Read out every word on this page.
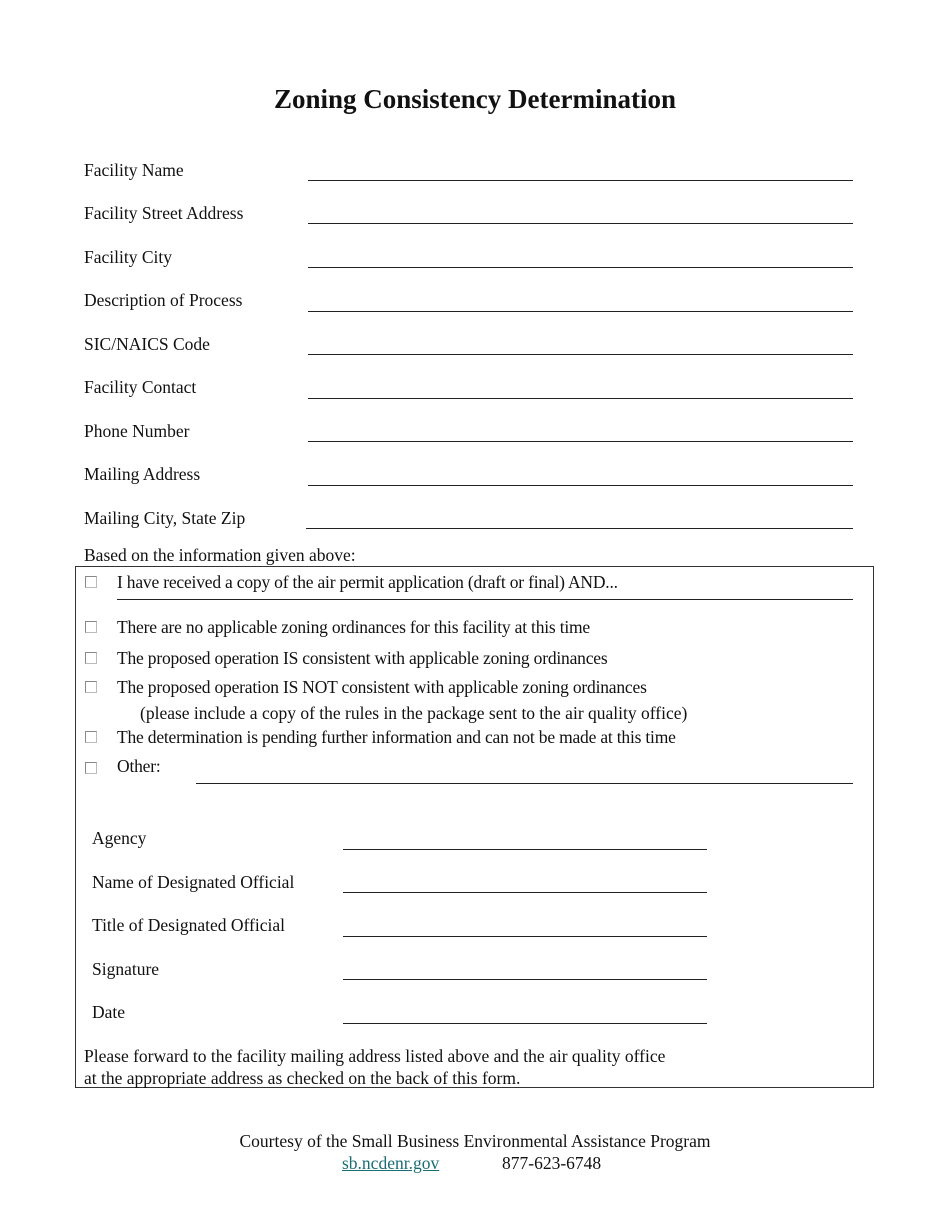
Zoning Consistency Determination
Facility Name
Facility Street Address
Facility City
Description of Process
SIC/NAICS Code
Facility Contact
Phone Number
Mailing Address
Mailing City, State Zip
Based on the information given above:
I have received a copy of the air permit application (draft or final) AND...
There are no applicable zoning ordinances for this facility at this time
The proposed operation IS consistent with applicable zoning ordinances
The proposed operation IS NOT consistent with applicable zoning ordinances
(please include a copy of the rules in the package sent to the air quality office)
The determination is pending further information and can not be made at this time
Other:
Agency
Name of Designated Official
Title of Designated Official
Signature
Date
Please forward to the facility mailing address listed above and the air quality office
at the appropriate address as checked on the back of this form.
Courtesy of the Small Business Environmental Assistance Program
sb.ncdenr.gov	877-623-6748
